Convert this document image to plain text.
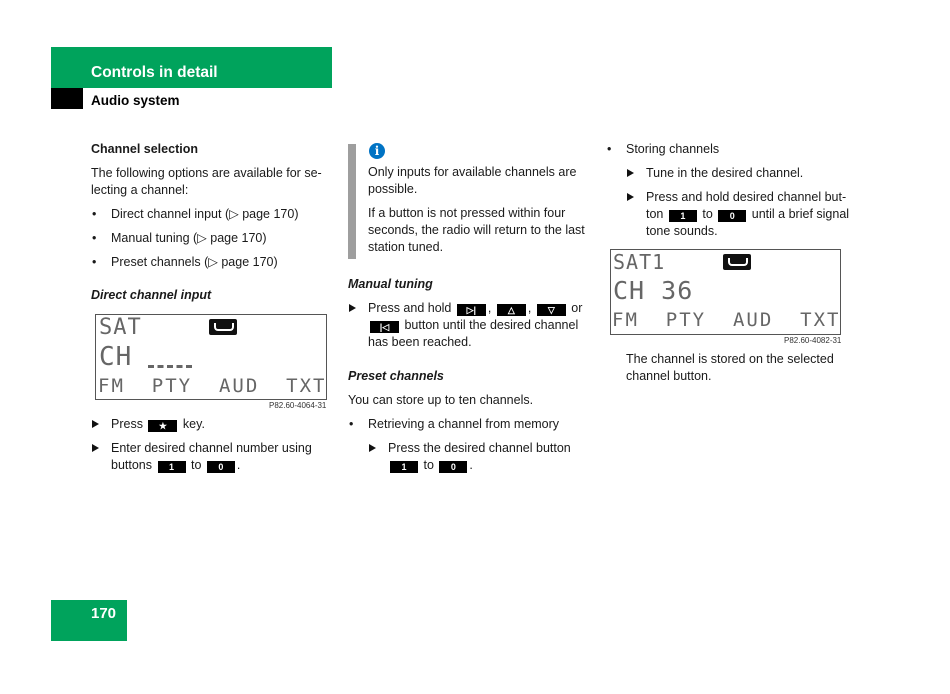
Controls in detail
Audio system

Channel selection

The following options are available for se-lecting a channel:

• Direct channel input (▷ page 170)

• Manual tuning (▷ page 170)

• Preset channels (▷ page 170)

Direct channel input

SAT
CH
FM  PTY  AUD  TXT
P82.60-4064-31

Press ★ key.

Enter desired channel number using buttons 1 to 0 .

i

Only inputs for available channels are possible.

If a button is not pressed within four seconds, the radio will return to the last station tuned.

Manual tuning

Press and hold ▷| , △ , ▽ or |◁ button until the desired channel has been reached.

Preset channels

You can store up to ten channels.

• Retrieving a channel from memory

Press the desired channel button
1 to 0 .

• Storing channels

Tune in the desired channel.

Press and hold desired channel but-ton 1 to 0 until a brief signal tone sounds.

SAT1
CH 36
FM  PTY  AUD  TXT
P82.60-4082-31
The channel is stored on the selected channel button.
170
